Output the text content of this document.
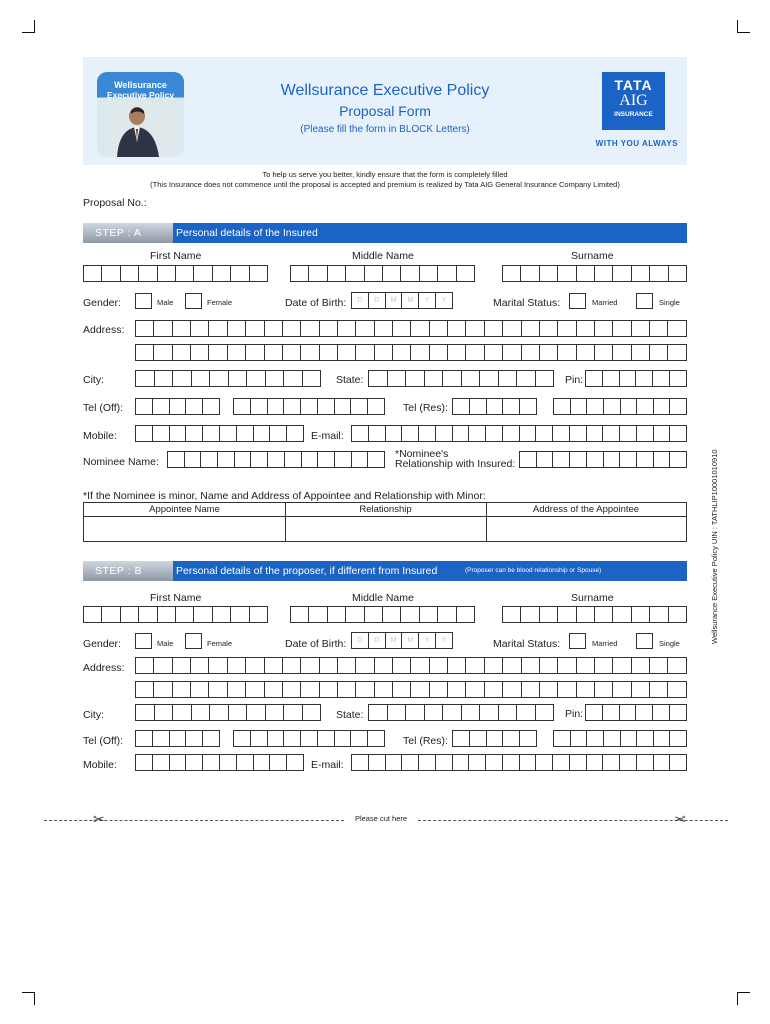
Wellsurance
Executive Policy	Wellsurance Executive Policy
Proposal Form
(Please fill the form in BLOCK Letters)
TATA
AIG
INSURANCE
WITH YOU ALWAYS
To help us serve you better, kindly ensure that the form is completely filled
(This Insurance does not commence until the proposal is accepted and premium is realized by Tata AIG General Insurance Company Limited)
Proposal No.:
Wellsurance Executive Policy UIN : TATHLIP10001010910
STEP : A	Personal details of the Insured
First Name	Middle Name	Surname
Gender:	Male	Female	Date of Birth:	D	D	M	M	Y	Y	Marital Status:	Married	Single
Address:
City:	State:	Pin:
Tel (Off):	Tel (Res):
Mobile:	E-mail:
Nominee Name:
*Nominee's
Relationship with Insured:
*If the Nominee is minor, Name and Address of Appointee and Relationship with Minor:
Appointee Name	Relationship	Address of the Appointee
STEP : B	Personal details of the proposer, if different from Insured	(Proposer can be blood relationship or Spouse)
First Name	Middle Name	Surname
Gender:	Male	Female	Date of Birth:	D	D	M	M	Y	Y	Marital Status:	Married	Single
Address:
City:	State:	Pin:
Tel (Off):	Tel (Res):
Mobile:	E-mail:
✂	✂
Please cut here
